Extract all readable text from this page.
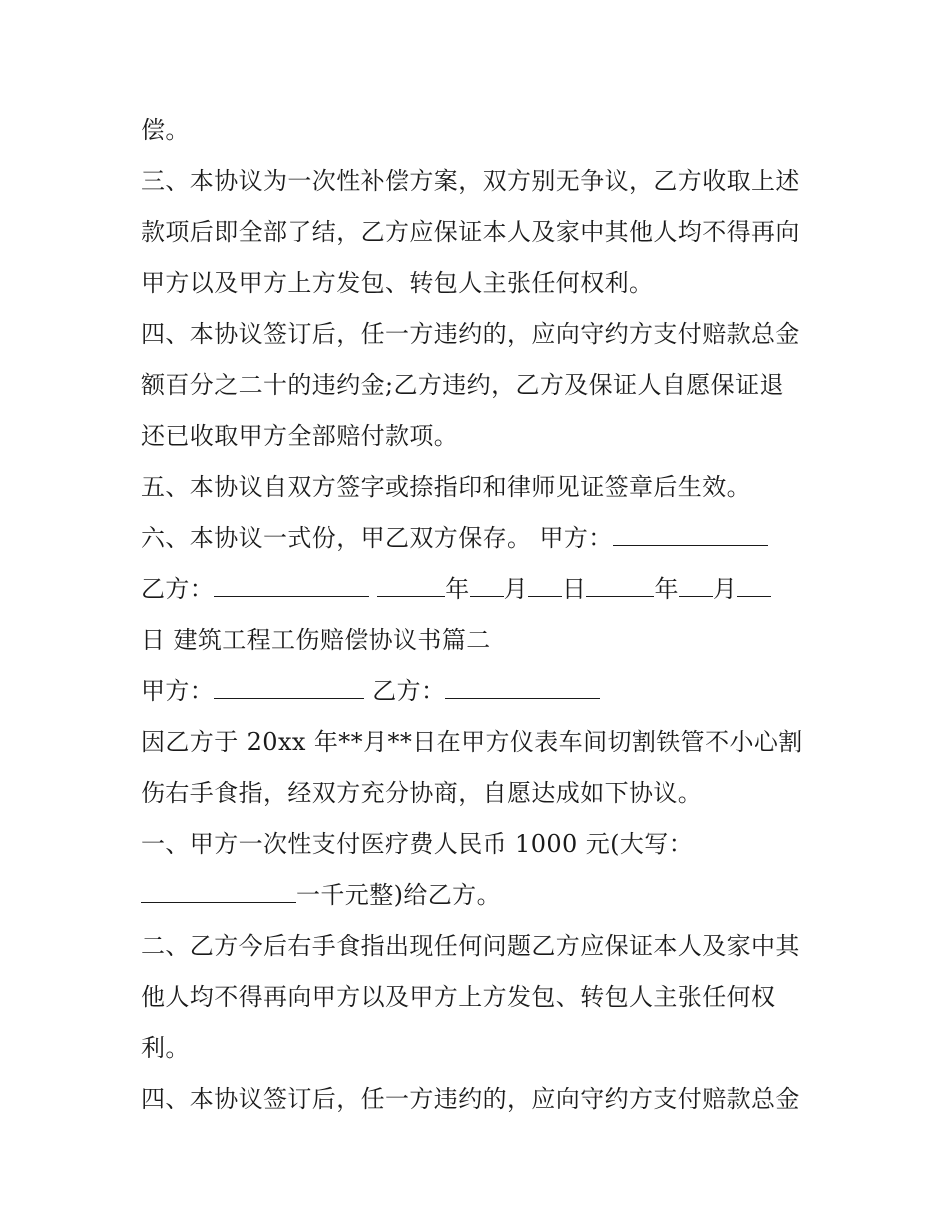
偿。
三、本协议为一次性补偿方案，双方别无争议，乙方收取上述
款项后即全部了结，乙方应保证本人及家中其他人均不得再向
甲方以及甲方上方发包、转包人主张任何权利。
四、本协议签订后，任一方违约的，应向守约方支付赔款总金
额百分之二十的违约金;乙方违约，乙方及保证人自愿保证退
还已收取甲方全部赔付款项。
五、本协议自双方签字或捺指印和律师见证签章后生效。
六、本协议一式份，甲乙双方保存。 甲方：
乙方：	年 月 日	年 月
日 建筑工程工伤赔偿协议书篇二
甲方：	乙方：
因乙方于 20xx 年**月**日在甲方仪表车间切割铁管不小心割
伤右手食指，经双方充分协商，自愿达成如下协议。
一、甲方一次性支付医疗费人民币 1000 元(大写：
一千元整)给乙方。
二、乙方今后右手食指出现任何问题乙方应保证本人及家中其
他人均不得再向甲方以及甲方上方发包、转包人主张任何权
利。
四、本协议签订后，任一方违约的，应向守约方支付赔款总金
